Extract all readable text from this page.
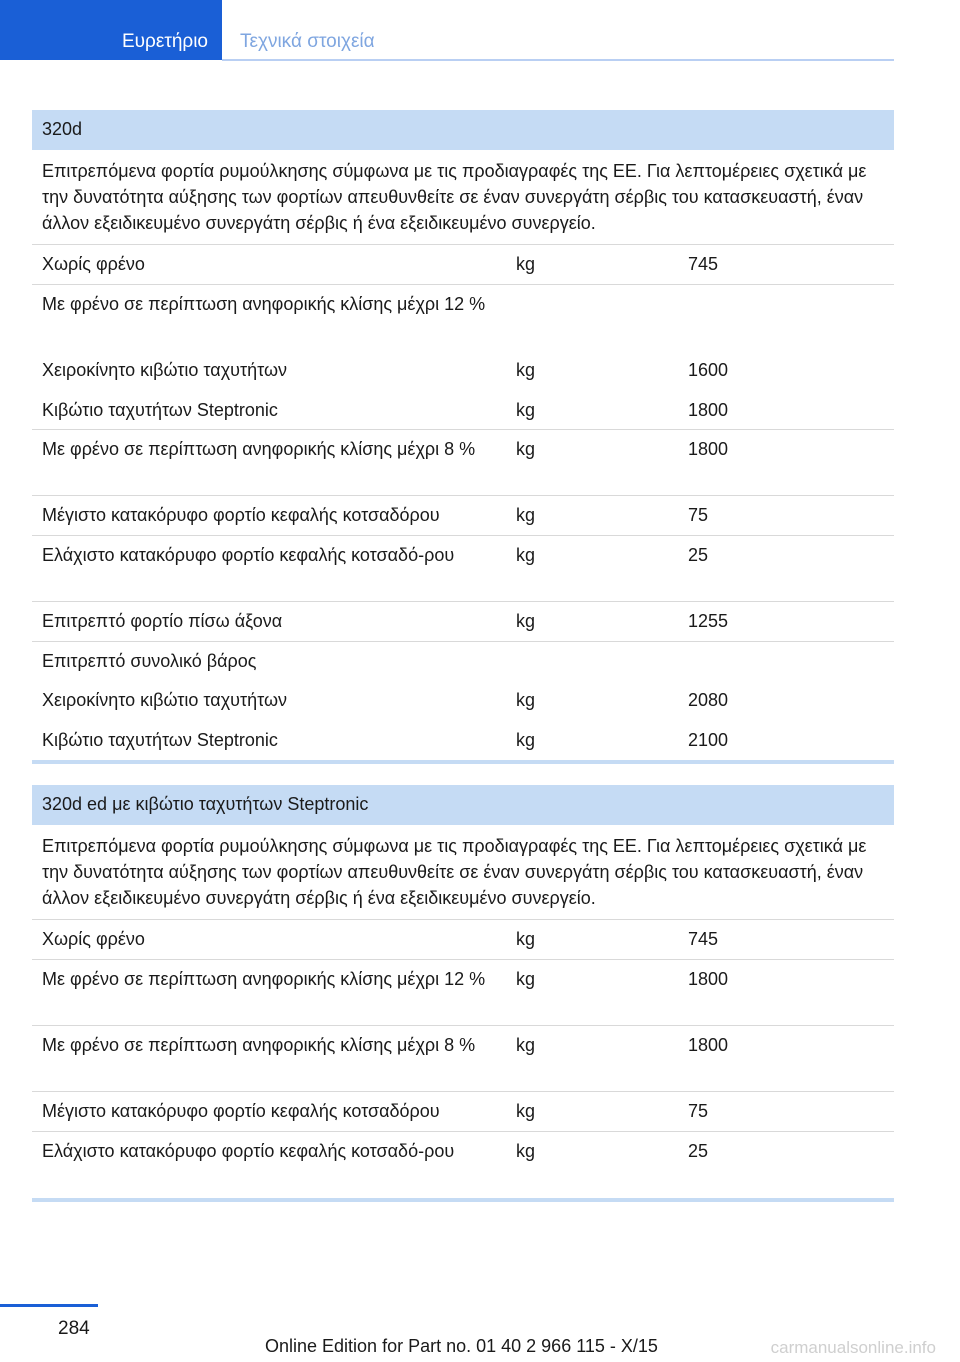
Ευρετήριο	Τεχνικά στοιχεία
320d
Επιτρεπόμενα φορτία ρυμούλκησης σύμφωνα με τις προδιαγραφές της ΕΕ. Για λεπτομέρειες σχετικά με την δυνατότητα αύξησης των φορτίων απευθυνθείτε σε έναν συνεργάτη σέρβις του κατασκευαστή, έναν άλλον εξειδικευμένο συνεργάτη σέρβις ή ένα εξειδικευμένο συνεργείο.
Χωρίς φρένο	kg	745
Με φρένο σε περίπτωση ανηφορικής κλίσης μέχρι 12 %
Χειροκίνητο κιβώτιο ταχυτήτων	kg	1600
Κιβώτιο ταχυτήτων Steptronic	kg	1800
Με φρένο σε περίπτωση ανηφορικής κλίσης μέχρι 8 %	kg	1800
Μέγιστο κατακόρυφο φορτίο κεφαλής κοτσαδόρου	kg	75
Ελάχιστο κατακόρυφο φορτίο κεφαλής κοτσαδό-ρου	kg	25
Επιτρεπτό φορτίο πίσω άξονα	kg	1255
Επιτρεπτό συνολικό βάρος
Χειροκίνητο κιβώτιο ταχυτήτων	kg	2080
Κιβώτιο ταχυτήτων Steptronic	kg	2100
320d ed με κιβώτιο ταχυτήτων Steptronic
Επιτρεπόμενα φορτία ρυμούλκησης σύμφωνα με τις προδιαγραφές της ΕΕ. Για λεπτομέρειες σχετικά με την δυνατότητα αύξησης των φορτίων απευθυνθείτε σε έναν συνεργάτη σέρβις του κατασκευαστή, έναν άλλον εξειδικευμένο συνεργάτη σέρβις ή ένα εξειδικευμένο συνεργείο.
Χωρίς φρένο	kg	745
Με φρένο σε περίπτωση ανηφορικής κλίσης μέχρι 12 %	kg	1800
Με φρένο σε περίπτωση ανηφορικής κλίσης μέχρι 8 %	kg	1800
Μέγιστο κατακόρυφο φορτίο κεφαλής κοτσαδόρου	kg	75
Ελάχιστο κατακόρυφο φορτίο κεφαλής κοτσαδό-ρου	kg	25
284
Online Edition for Part no. 01 40 2 966 115 - X/15	carmanualsonline.info
